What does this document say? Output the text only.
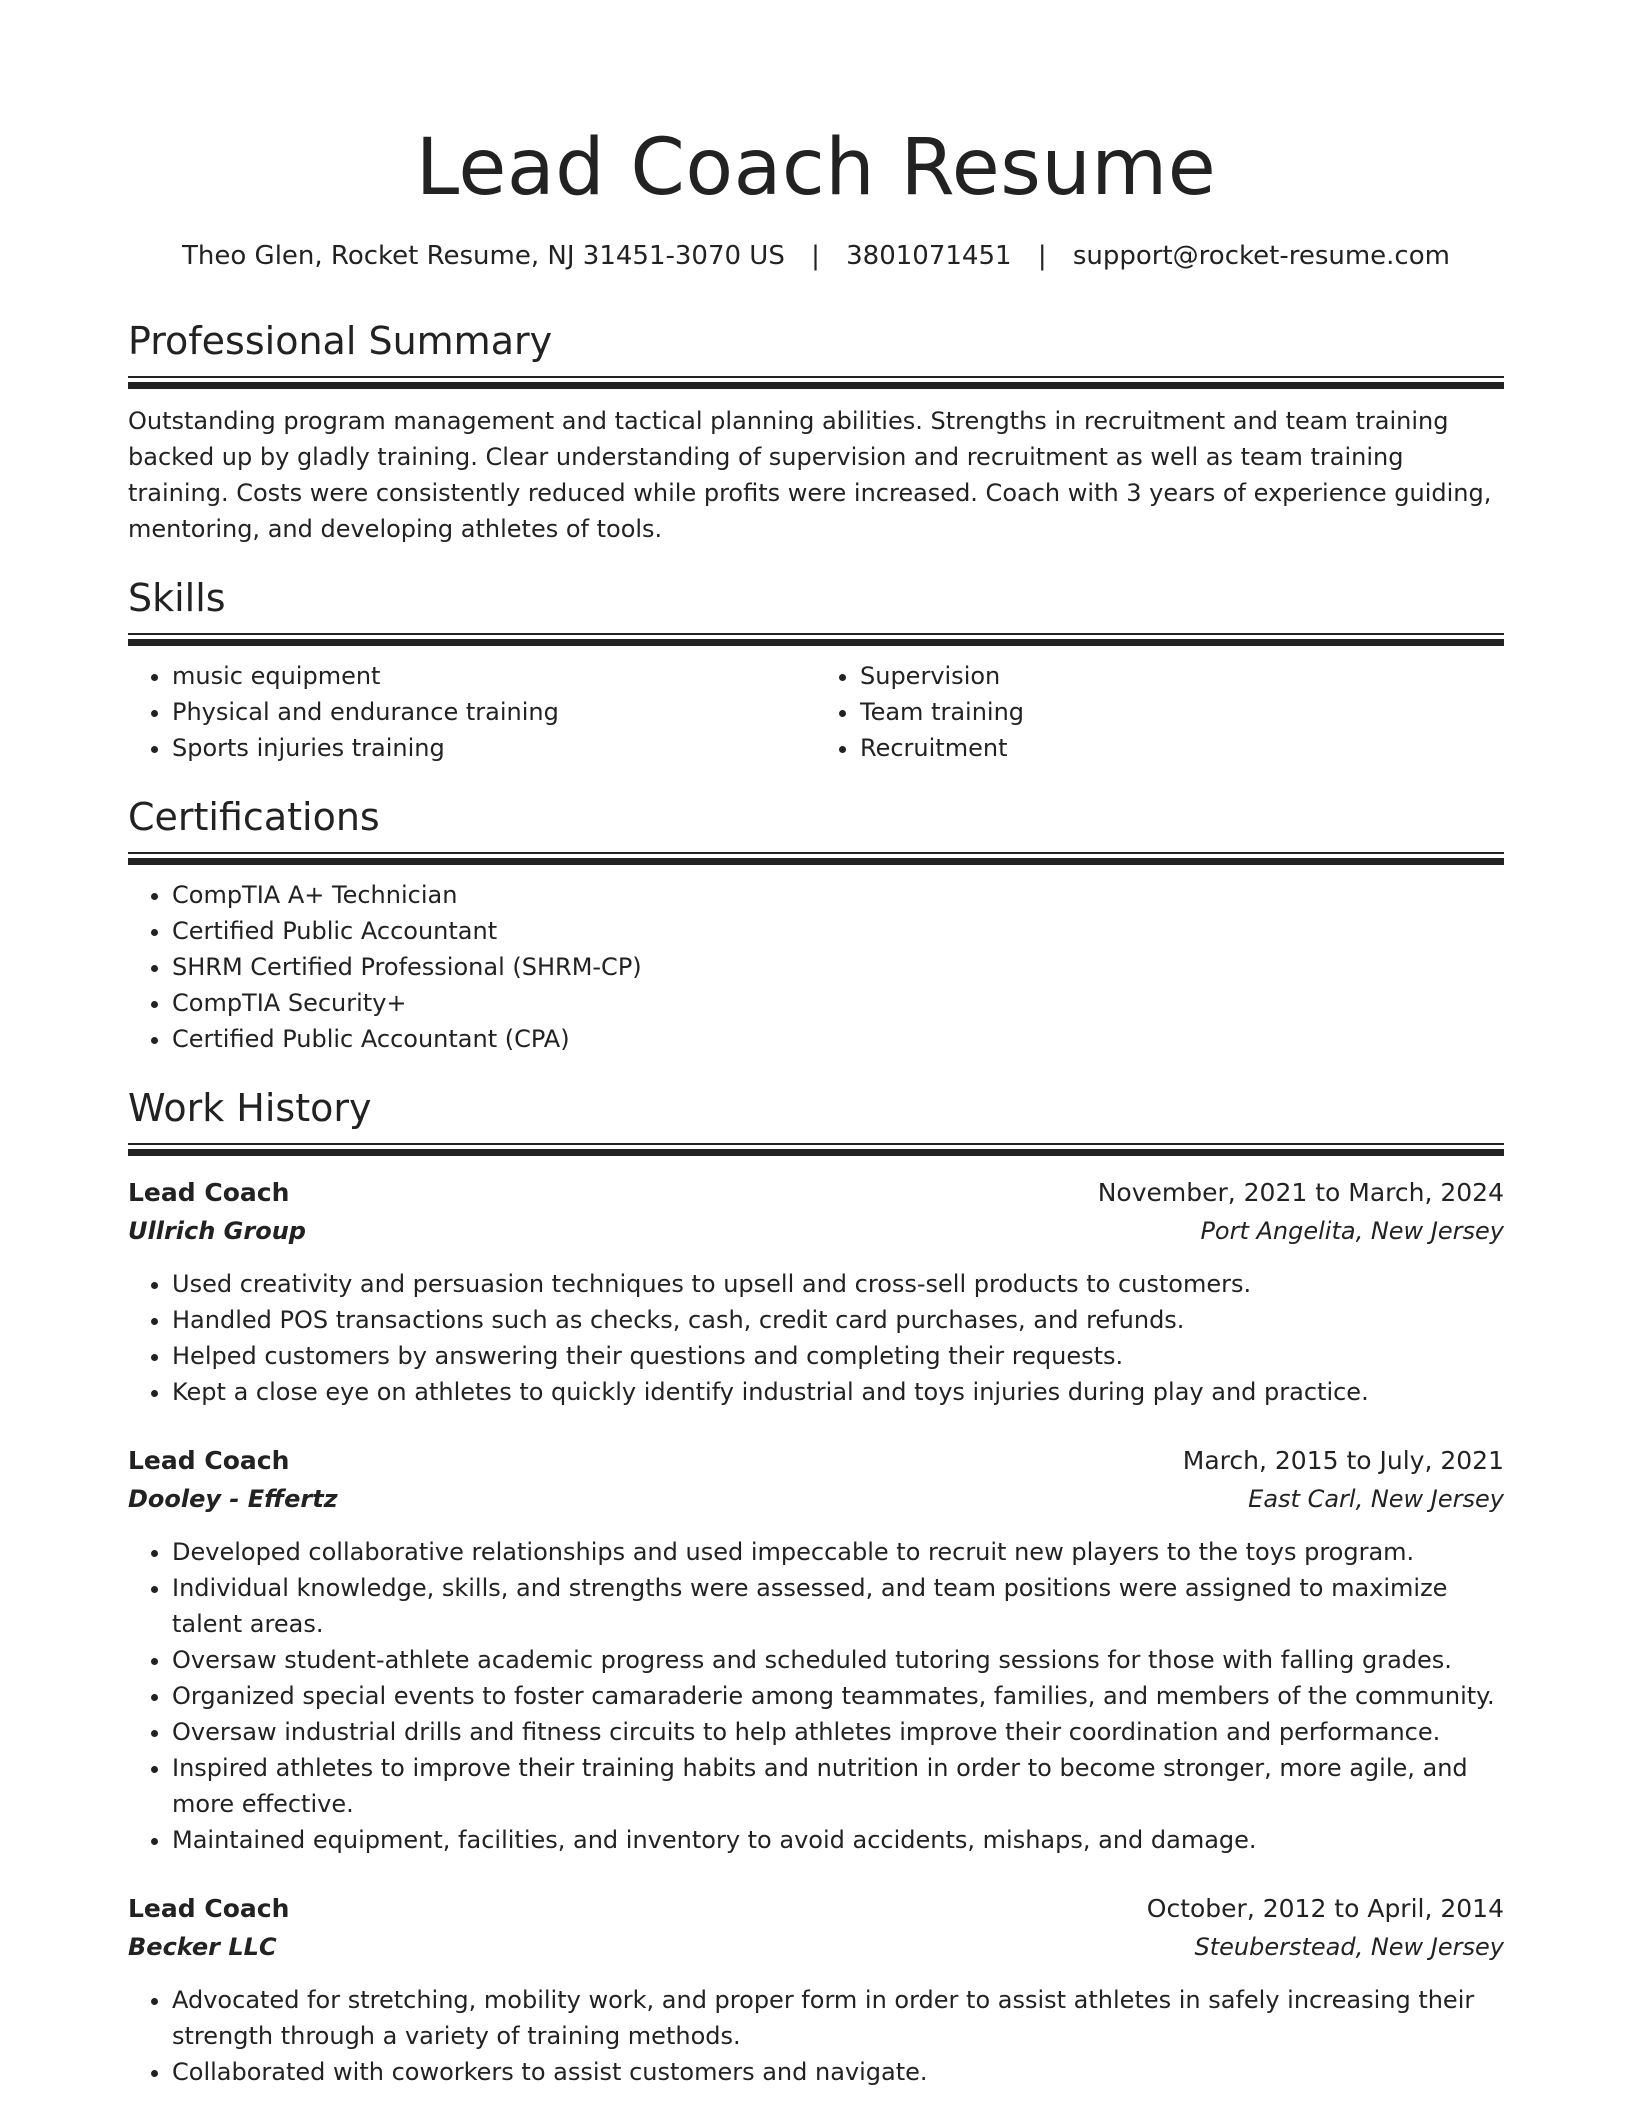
Lead Coach Resume
Theo Glen, Rocket Resume, NJ 31451-3070 US | 3801071451 | support@rocket-resume.com
Professional Summary

Outstanding program management and tactical planning abilities. Strengths in recruitment and team training backed up by gladly training. Clear understanding of supervision and recruitment as well as team training training. Costs were consistently reduced while profits were increased. Coach with 3 years of experience guiding, mentoring, and developing athletes of tools.

Skills
• music equipment
• Physical and endurance training
• Sports injuries training
• Supervision
• Team training
• Recruitment
Certifications
• CompTIA A+ Technician
• Certified Public Accountant
• SHRM Certified Professional (SHRM-CP)
• CompTIA Security+
• Certified Public Accountant (CPA)
Work History
Lead Coach	November, 2021 to March, 2024
Ullrich Group	Port Angelita, New Jersey
• Used creativity and persuasion techniques to upsell and cross-sell products to customers.
• Handled POS transactions such as checks, cash, credit card purchases, and refunds.
• Helped customers by answering their questions and completing their requests.
• Kept a close eye on athletes to quickly identify industrial and toys injuries during play and practice.
Lead Coach	March, 2015 to July, 2021
Dooley - Effertz	East Carl, New Jersey
• Developed collaborative relationships and used impeccable to recruit new players to the toys program.
• Individual knowledge, skills, and strengths were assessed, and team positions were assigned to maximize talent areas.
• Oversaw student-athlete academic progress and scheduled tutoring sessions for those with falling grades.
• Organized special events to foster camaraderie among teammates, families, and members of the community.
• Oversaw industrial drills and fitness circuits to help athletes improve their coordination and performance.
• Inspired athletes to improve their training habits and nutrition in order to become stronger, more agile, and more effective.
• Maintained equipment, facilities, and inventory to avoid accidents, mishaps, and damage.
Lead Coach	October, 2012 to April, 2014
Becker LLC	Steuberstead, New Jersey
• Advocated for stretching, mobility work, and proper form in order to assist athletes in safely increasing their strength through a variety of training methods.
• Collaborated with coworkers to assist customers and navigate.
